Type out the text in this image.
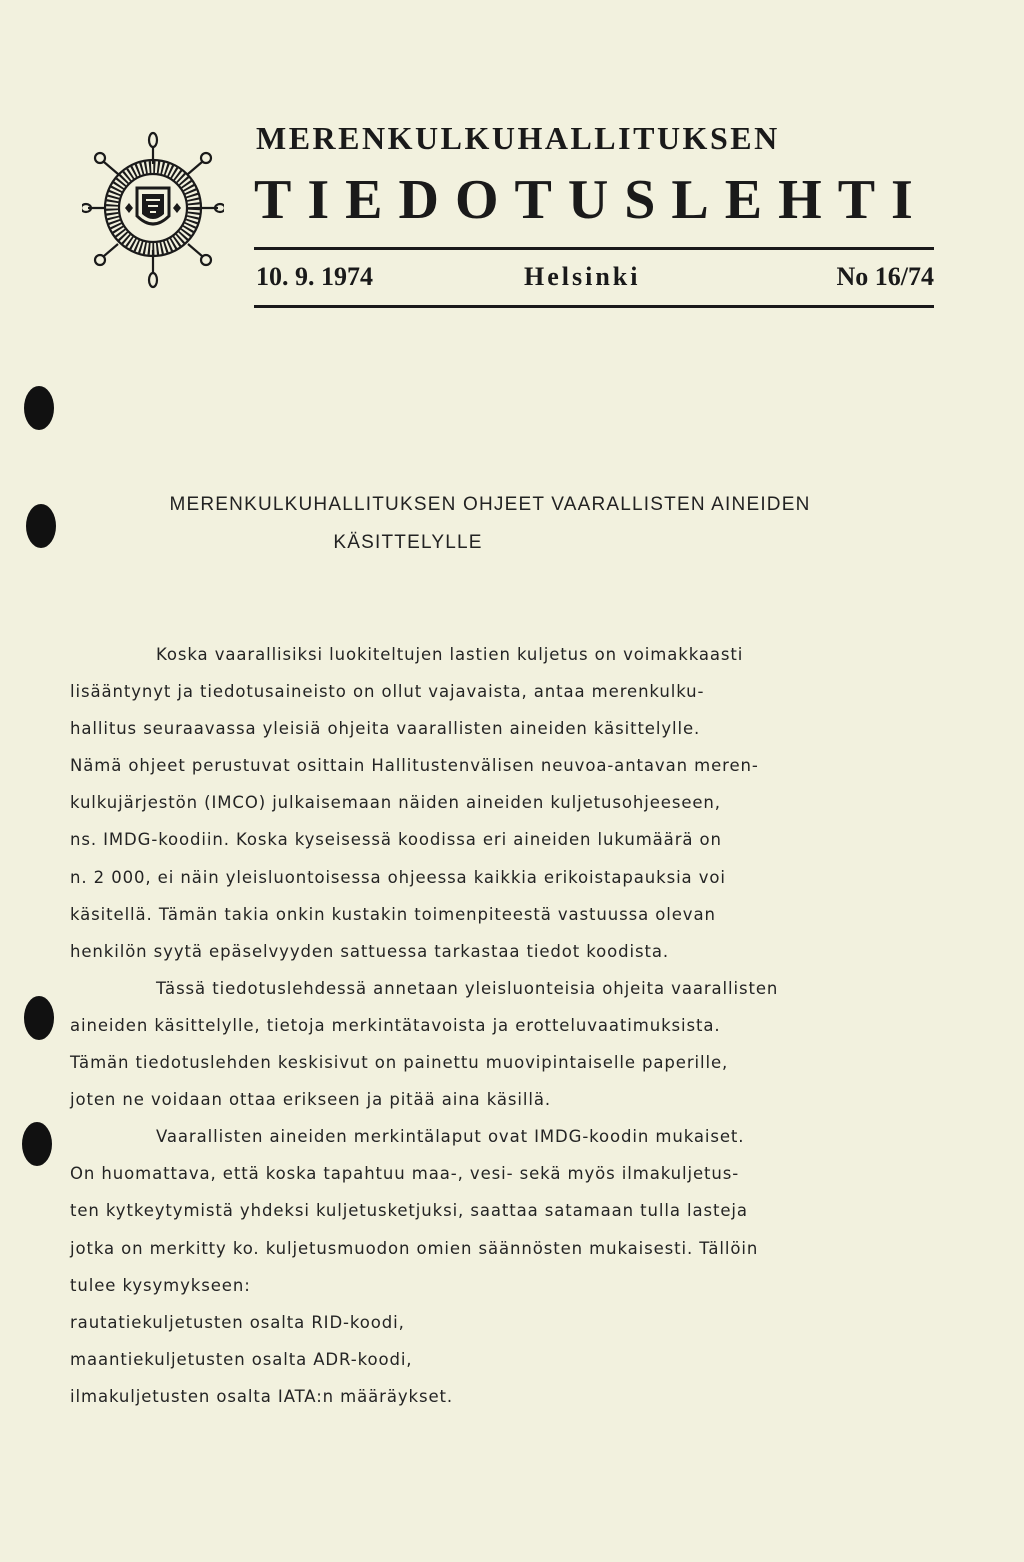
MERENKULKUHALLITUKSEN
TIEDOTUSLEHTI
10. 9. 1974	Helsinki	No 16/74
MERENKULKUHALLITUKSEN OHJEET VAARALLISTEN AINEIDEN
KÄSITTELYLLE
Koska vaarallisiksi luokiteltujen lastien kuljetus on voimakkaasti
lisääntynyt ja tiedotusaineisto on ollut vajavaista, antaa merenkulku-
hallitus seuraavassa yleisiä ohjeita vaarallisten aineiden käsittelylle.
Nämä ohjeet perustuvat osittain Hallitustenvälisen neuvoa-antavan meren-
kulkujärjestön (IMCO) julkaisemaan näiden aineiden kuljetusohjeeseen,
ns. IMDG-koodiin. Koska kyseisessä koodissa eri aineiden lukumäärä on
n. 2 000, ei näin yleisluontoisessa ohjeessa kaikkia erikoistapauksia voi
käsitellä. Tämän takia onkin kustakin toimenpiteestä vastuussa olevan
henkilön syytä epäselvyyden sattuessa tarkastaa tiedot koodista.
Tässä tiedotuslehdessä annetaan yleisluonteisia ohjeita vaarallisten
aineiden käsittelylle, tietoja merkintätavoista ja erotteluvaatimuksista.
Tämän tiedotuslehden keskisivut on painettu muovipintaiselle paperille,
joten ne voidaan ottaa erikseen ja pitää aina käsillä.
Vaarallisten aineiden merkintälaput ovat IMDG-koodin mukaiset.
On huomattava, että koska tapahtuu maa-, vesi- sekä myös ilmakuljetus-
ten kytkeytymistä yhdeksi kuljetusketjuksi, saattaa satamaan tulla lasteja
jotka on merkitty ko. kuljetusmuodon omien säännösten mukaisesti. Tällöin
tulee kysymykseen:
rautatiekuljetusten osalta RID-koodi,
maantiekuljetusten osalta ADR-koodi,
ilmakuljetusten osalta IATA:n määräykset.
